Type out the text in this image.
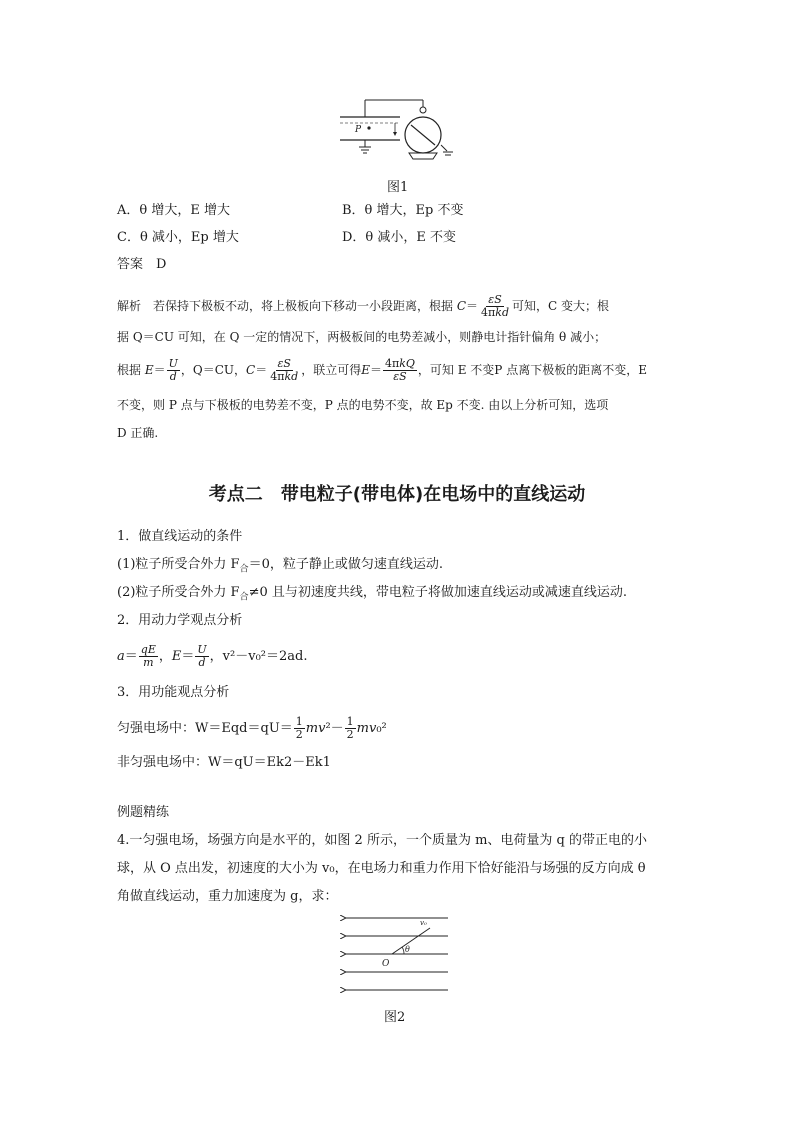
P
图1
A．θ 增大，E 增大	B．θ 增大，Ep 不变
C．θ 减小，Ep 增大	D．θ 减小，E 不变
答案　D
解析　若保持下极板不动，将上极板向下移动一小段距离，根据 $C= \frac{\varepsilon S}{\text{4πkd}}$ 可知，C 变大；根
据 Q＝CU 可知，在 Q 一定的情况下，两极板间的电势差减小，则静电计指针偏角 θ 减小；
根据 $E= \frac{U}{d}$ ，Q＝CU，$C= \frac{\varepsilon S}{\text{4πkd}}$ ，联立可得$E= \frac{\text{4πkQ}}{\varepsilon S}$ ，可知 E 不变P 点离下极板的距离不变，E
不变，则 P 点与下极板的电势差不变，P 点的电势不变，故 Ep 不变. 由以上分析可知，选项
D 正确.
考点二　带电粒子(带电体)在电场中的直线运动
1．做直线运动的条件
(1)粒子所受合外力 $F_合=0$，粒子静止或做匀速直线运动.
(2)粒子所受合外力 $F_合\ne 0$ 且与初速度共线，带电粒子将做加速直线运动或减速直线运动.
2．用动力学观点分析
$a= \frac{qE}{m}$ ，$E= \frac{U}{d}$ ，v²－v₀²＝2ad.
3．用功能观点分析
匀强电场中：$W=Eqd=qU= \frac{1}{2} mv^2- \frac{1}{2} mv_0^2$
非匀强电场中：W＝qU＝Ek2－Ek1
例题精练
4.一匀强电场，场强方向是水平的，如图 2 所示，一个质量为 m、电荷量为 q 的带正电的小
球，从 O 点出发，初速度的大小为 v₀，在电场力和重力作用下恰好能沿与场强的反方向成 θ
角做直线运动，重力加速度为 g，求：
O
θ
v₀
图2
